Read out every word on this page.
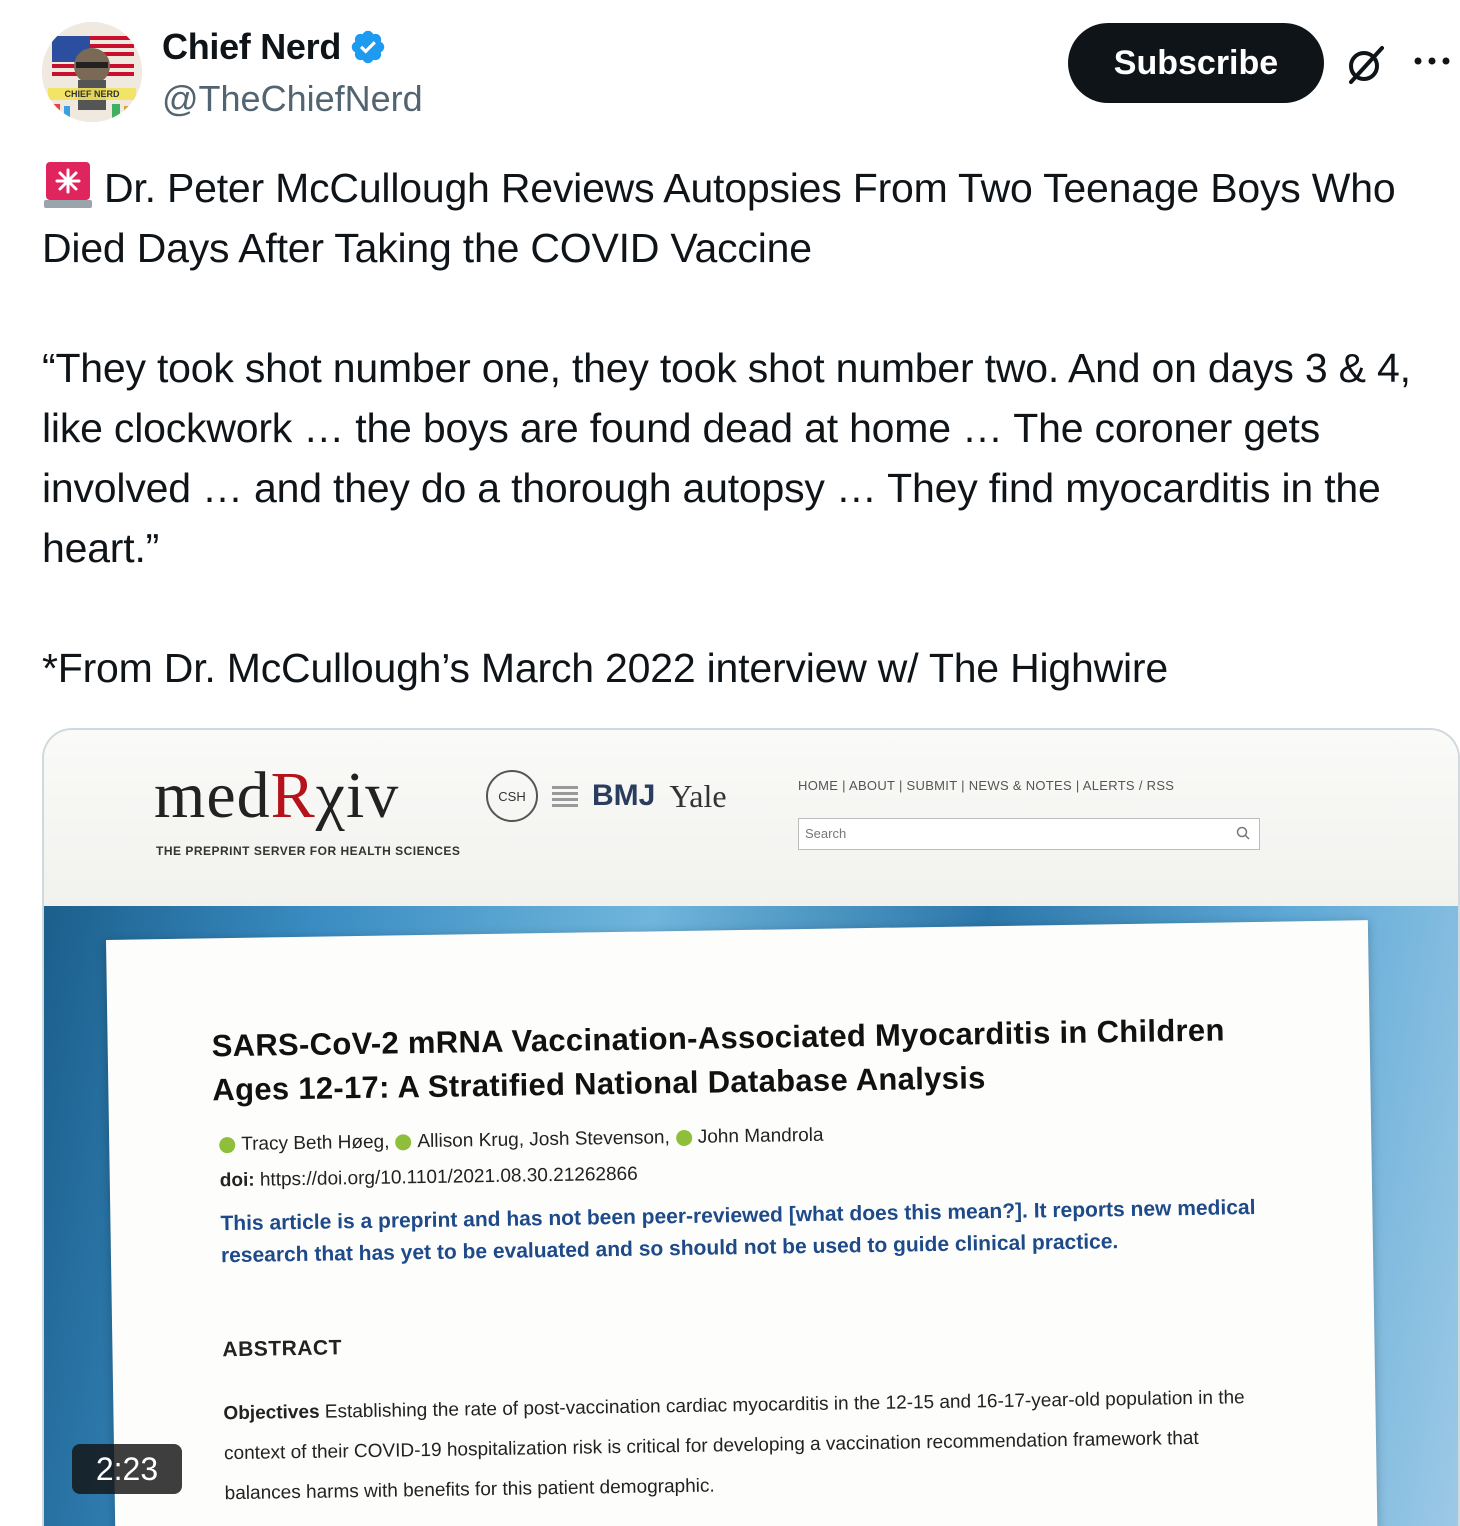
CHIEF NERD
Chief Nerd
@TheChiefNerd
Subscribe

Dr. Peter McCullough Reviews Autopsies From Two Teenage Boys Who Died Days After Taking the COVID Vaccine

“They took shot number one, they took shot number two. And on days 3 & 4, like clockwork … the boys are found dead at home … The coroner gets involved … and they do a thorough autopsy … They find myocarditis in the heart.”

*From Dr. McCullough’s March 2022 interview w/ The Highwire

medRχiv
THE PREPRINT SERVER FOR HEALTH SCIENCES
CSH	BMJ Yale	HOME | ABOUT | SUBMIT | NEWS & NOTES | ALERTS / RSS
Search
SARS-CoV-2 mRNA Vaccination-Associated Myocarditis in Children Ages 12-17: A Stratified National Database Analysis
Tracy Beth Høeg, Allison Krug, Josh Stevenson, John Mandrola
doi: https://doi.org/10.1101/2021.08.30.21262866
This article is a preprint and has not been peer-reviewed [what does this mean?]. It reports new medical research that has yet to be evaluated and so should not be used to guide clinical practice.
ABSTRACT
Objectives Establishing the rate of post-vaccination cardiac myocarditis in the 12-15 and 16-17-year-old population in the context of their COVID-19 hospitalization risk is critical for developing a vaccination recommendation framework that balances harms with benefits for this patient demographic.
2:23
